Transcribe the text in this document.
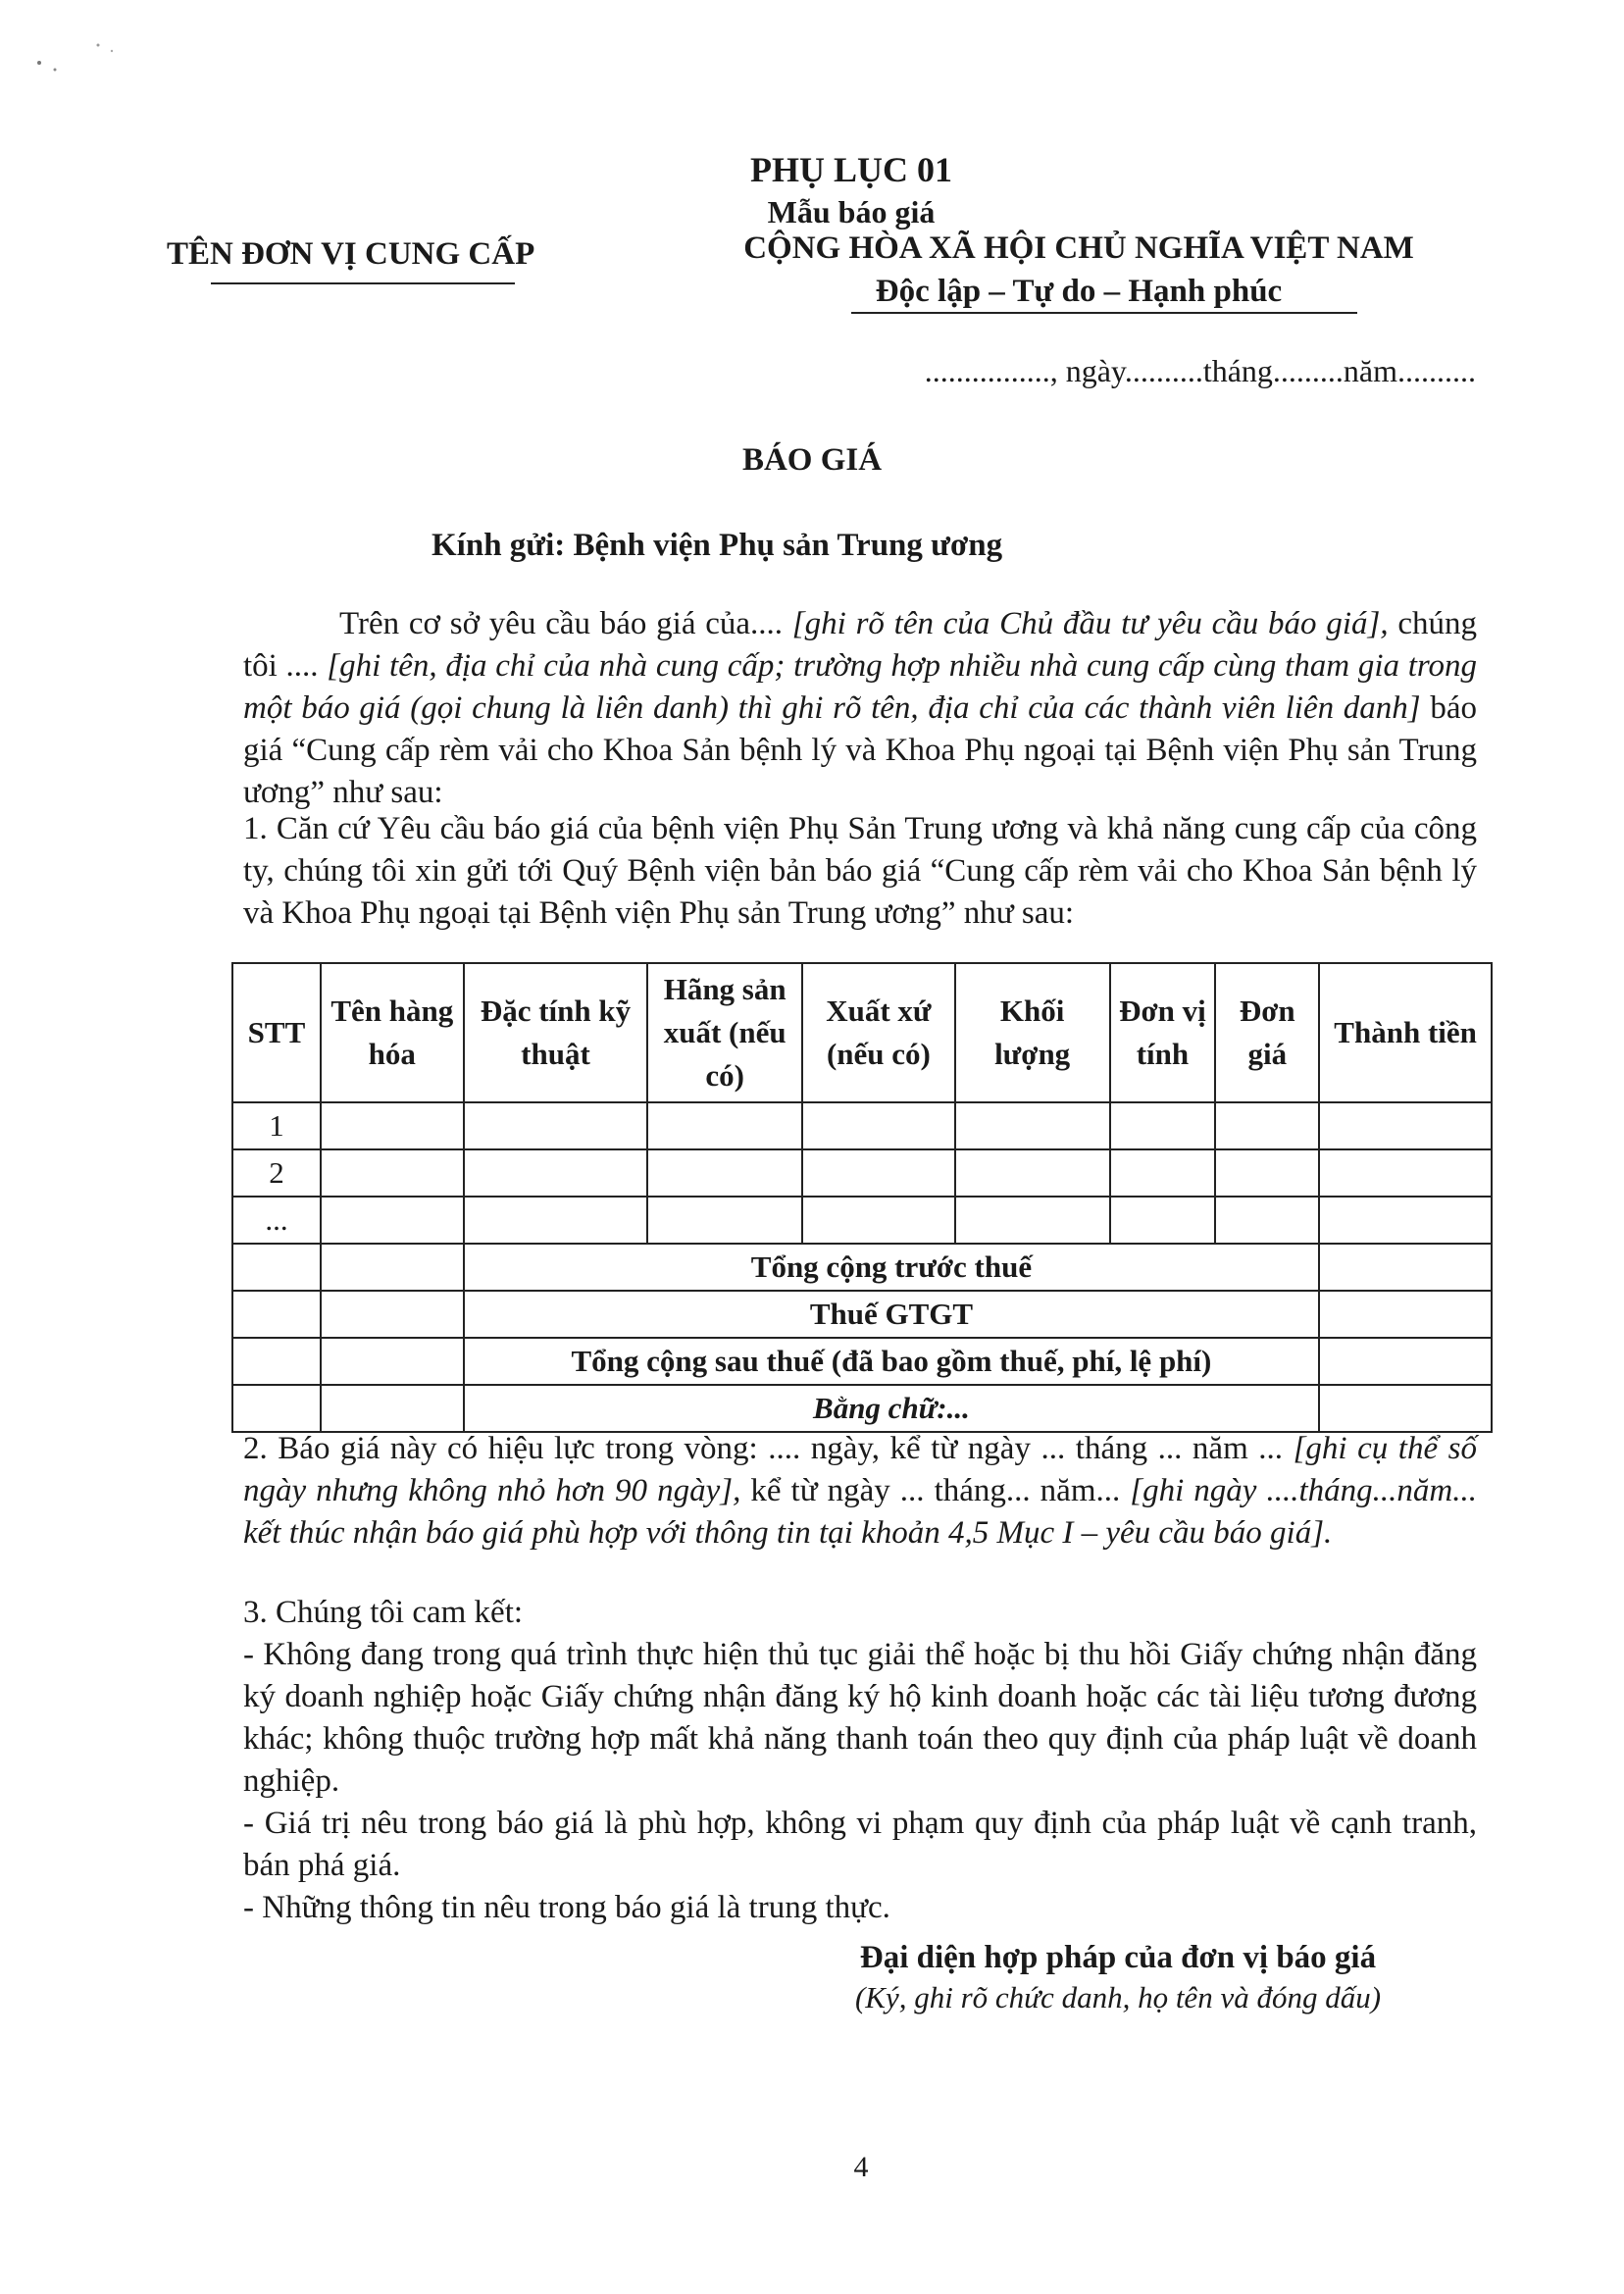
TÊN ĐƠN VỊ CUNG CẤP
PHỤ LỤC 01
Mẫu báo giá
CỘNG HÒA XÃ HỘI CHỦ NGHĨA VIỆT NAM
Độc lập – Tự do – Hạnh phúc
................, ngày..........tháng.........năm..........
BÁO GIÁ
Kính gửi: Bệnh viện Phụ sản Trung ương
Trên cơ sở yêu cầu báo giá của.... [ghi rõ tên của Chủ đầu tư yêu cầu báo giá], chúng tôi .... [ghi tên, địa chỉ của nhà cung cấp; trường hợp nhiều nhà cung cấp cùng tham gia trong một báo giá (gọi chung là liên danh) thì ghi rõ tên, địa chỉ của các thành viên liên danh] báo giá “Cung cấp rèm vải cho Khoa Sản bệnh lý và Khoa Phụ ngoại tại Bệnh viện Phụ sản Trung ương” như sau:
1. Căn cứ Yêu cầu báo giá của bệnh viện Phụ Sản Trung ương và khả năng cung cấp của công ty, chúng tôi xin gửi tới Quý Bệnh viện bản báo giá “Cung cấp rèm vải cho Khoa Sản bệnh lý và Khoa Phụ ngoại tại Bệnh viện Phụ sản Trung ương” như sau:
STT	Tên hàng hóa	Đặc tính kỹ thuật	Hãng sản xuất (nếu có)	Xuất xứ (nếu có)	Khối lượng	Đơn vị tính	Đơn giá	Thành tiền
1								
2								
...								
		Tổng cộng trước thuế						
		Thuế GTGT						
		Tổng cộng sau thuế (đã bao gồm thuế, phí, lệ phí)						
		Bằng chữ:...						
2. Báo giá này có hiệu lực trong vòng: .... ngày, kể từ ngày ... tháng ... năm ... [ghi cụ thể số ngày nhưng không nhỏ hơn 90 ngày], kể từ ngày ... tháng... năm... [ghi ngày ....tháng...năm... kết thúc nhận báo giá phù hợp với thông tin tại khoản 4,5 Mục I – yêu cầu báo giá].
3. Chúng tôi cam kết:
- Không đang trong quá trình thực hiện thủ tục giải thể hoặc bị thu hồi Giấy chứng nhận đăng ký doanh nghiệp hoặc Giấy chứng nhận đăng ký hộ kinh doanh hoặc các tài liệu tương đương khác; không thuộc trường hợp mất khả năng thanh toán theo quy định của pháp luật về doanh nghiệp.
- Giá trị nêu trong báo giá là phù hợp, không vi phạm quy định của pháp luật về cạnh tranh, bán phá giá.
- Những thông tin nêu trong báo giá là trung thực.
Đại diện hợp pháp của đơn vị báo giá
(Ký, ghi rõ chức danh, họ tên và đóng dấu)
4
